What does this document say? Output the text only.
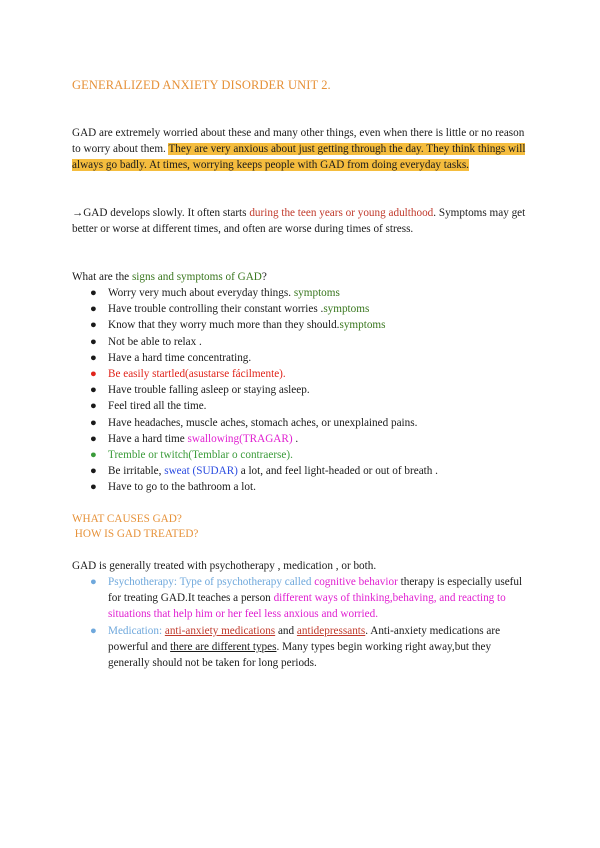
GENERALIZED ANXIETY DISORDER UNIT 2.
GAD are extremely worried about these and many other things, even when there is little or no reason to worry about them. They are very anxious about just getting through the day. They think things will always go badly. At times, worrying keeps people with GAD from doing everyday tasks.
→GAD develops slowly. It often starts during the teen years or young adulthood. Symptoms may get better or worse at different times, and often are worse during times of stress.
What are the signs and symptoms of GAD?
●	Worry very much about everyday things. symptoms
●	Have trouble controlling their constant worries .symptoms
●	Know that they worry much more than they should.symptoms
●	Not be able to relax .
●	Have a hard time concentrating.
●	Be easily startled(asustarse fácilmente).
●	Have trouble falling asleep or staying asleep.
●	Feel tired all the time.
●	Have headaches, muscle aches, stomach aches, or unexplained pains.
●	Have a hard time swallowing(TRAGAR) .
●	Tremble or twitch(Temblar o contraerse).
●	Be irritable, sweat (SUDAR) a lot, and feel light-headed or out of breath .
●	Have to go to the bathroom a lot.
WHAT CAUSES GAD?
HOW IS GAD TREATED?
GAD is generally treated with psychotherapy , medication , or both.
●	Psychotherapy: Type of psychotherapy called cognitive behavior therapy is especially useful for treating GAD.It teaches a person different ways of thinking,behaving, and reacting to situations that help him or her feel less anxious and worried.
●	Medication: anti-anxiety medications and antidepressants. Anti-anxiety medications are powerful and there are different types. Many types begin working right away,but they generally should not be taken for long periods.
